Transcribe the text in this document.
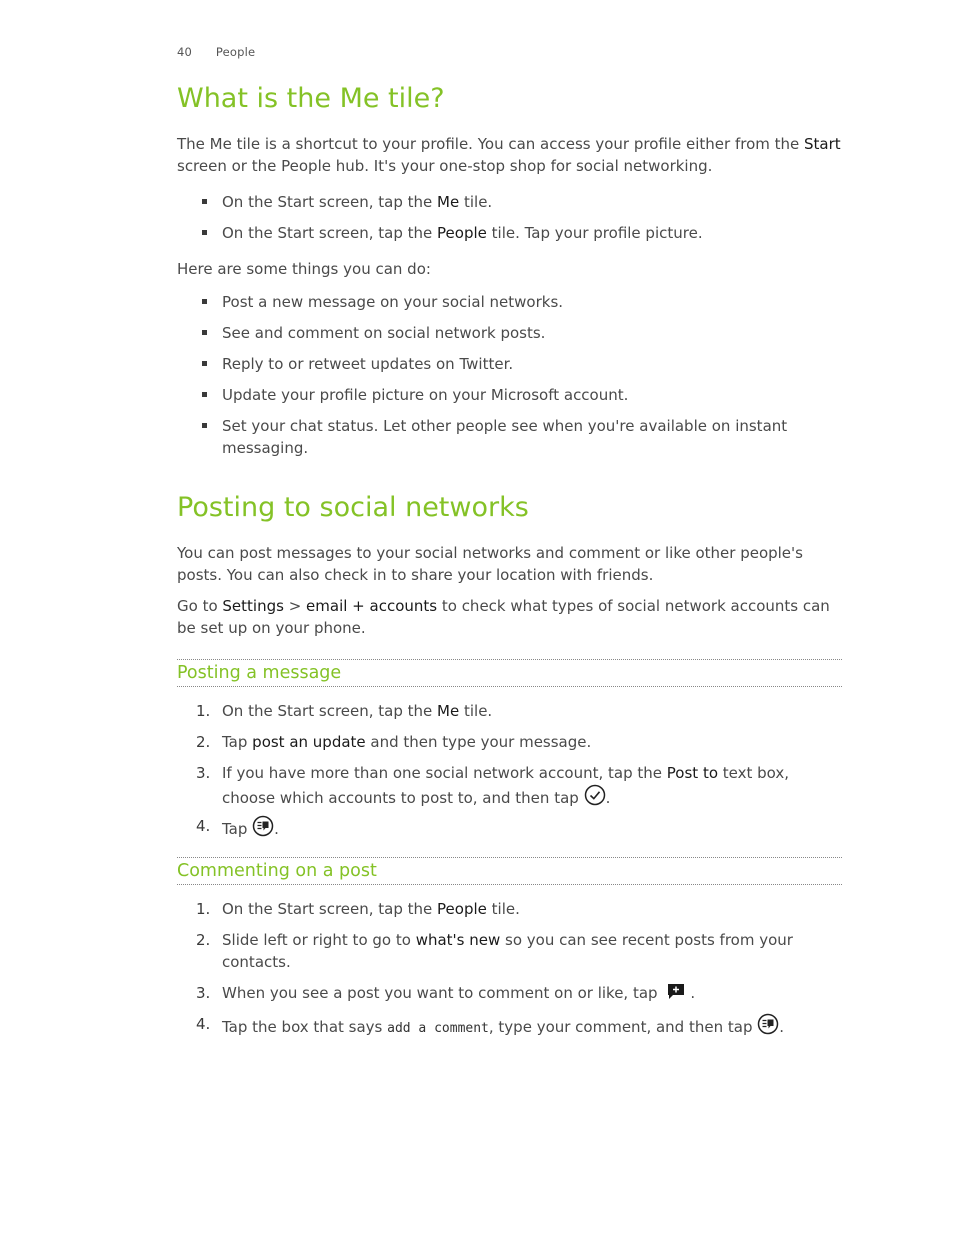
40 People
What is the Me tile?

The Me tile is a shortcut to your profile. You can access your profile either from the Start screen or the People hub. It's your one-stop shop for social networking.

On the Start screen, tap the Me tile.
On the Start screen, tap the People tile. Tap your profile picture.

Here are some things you can do:

Post a new message on your social networks.
See and comment on social network posts.
Reply to or retweet updates on Twitter.
Update your profile picture on your Microsoft account.
Set your chat status. Let other people see when you're available on instant messaging.
Posting to social networks

You can post messages to your social networks and comment or like other people's posts. You can also check in to share your location with friends.

Go to Settings > email + accounts to check what types of social network accounts can be set up on your phone.

Posting a message
1. On the Start screen, tap the Me tile.
2. Tap post an update and then type your message.
3. If you have more than one social network account, tap the Post to text box, choose which accounts to post to, and then tap .
4. Tap .
Commenting on a post
1. On the Start screen, tap the People tile.
2. Slide left or right to go to what's new so you can see recent posts from your contacts.
3. When you see a post you want to comment on or like, tap .
4. Tap the box that says add a comment, type your comment, and then tap .
